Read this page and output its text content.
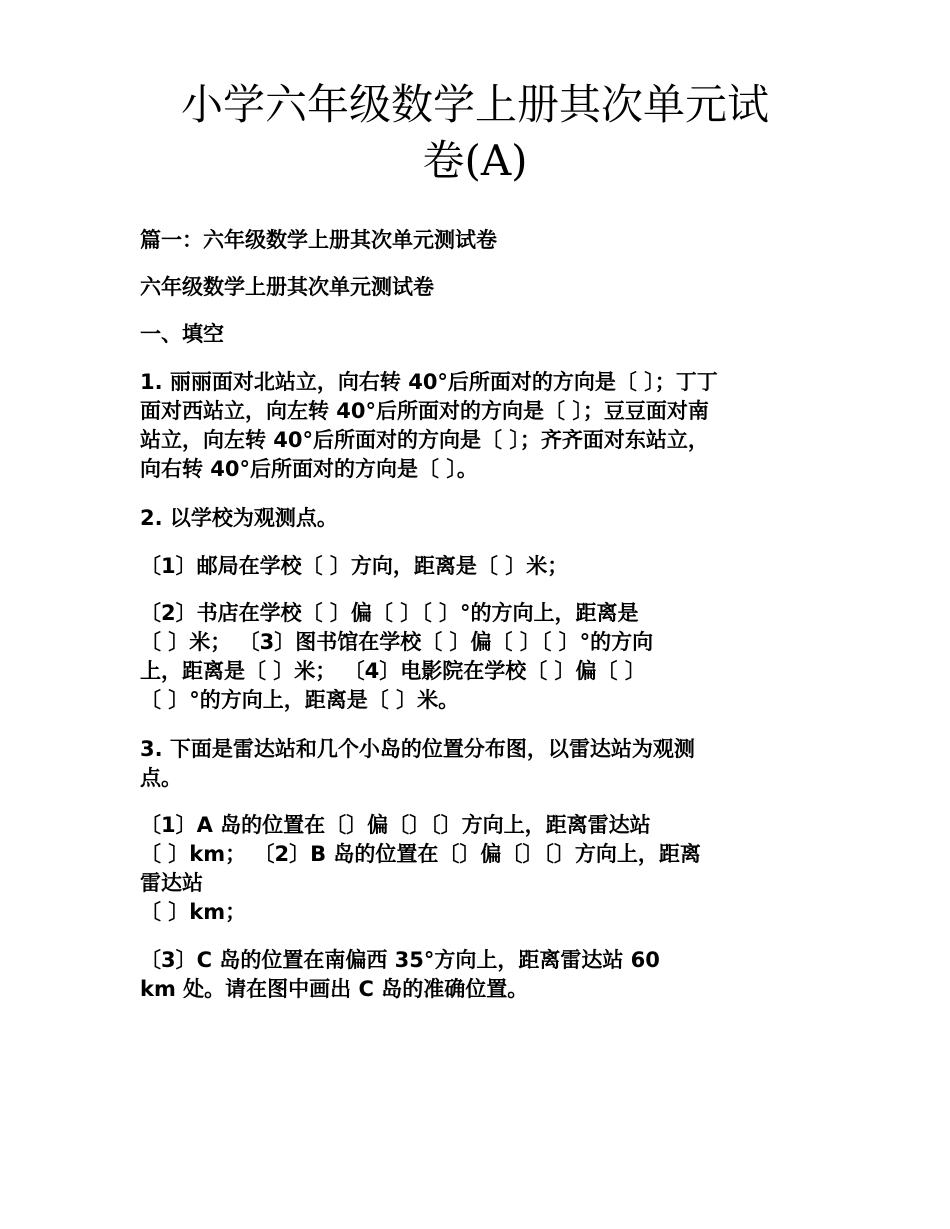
小学六年级数学上册其次单元试
卷(A)

篇一：六年级数学上册其次单元测试卷

六年级数学上册其次单元测试卷

一、填空

1. 丽丽面对北站立，向右转 40°后所面对的方向是〔 〕；丁丁
面对西站立，向左转 40°后所面对的方向是〔 〕；豆豆面对南
站立，向左转 40°后所面对的方向是〔 〕；齐齐面对东站立，
向右转 40°后所面对的方向是〔 〕。

2. 以学校为观测点。

〔1〕邮局在学校〔 〕方向，距离是〔 〕米；

〔2〕书店在学校〔 〕偏〔 〕〔 〕°的方向上，距离是
〔 〕米； 〔3〕图书馆在学校〔 〕偏〔 〕〔 〕°的方向
上，距离是〔 〕米； 〔4〕电影院在学校〔 〕偏〔 〕
〔 〕°的方向上，距离是〔 〕米。

3. 下面是雷达站和几个小岛的位置分布图，以雷达站为观测
点。

〔1〕A 岛的位置在〔〕偏〔〕〔〕方向上，距离雷达站
〔 〕km； 〔2〕B 岛的位置在〔〕偏〔〕〔〕方向上，距离
雷达站
〔 〕km；

〔3〕C 岛的位置在南偏西 35°方向上，距离雷达站 60
km 处。请在图中画出 C 岛的准确位置。
